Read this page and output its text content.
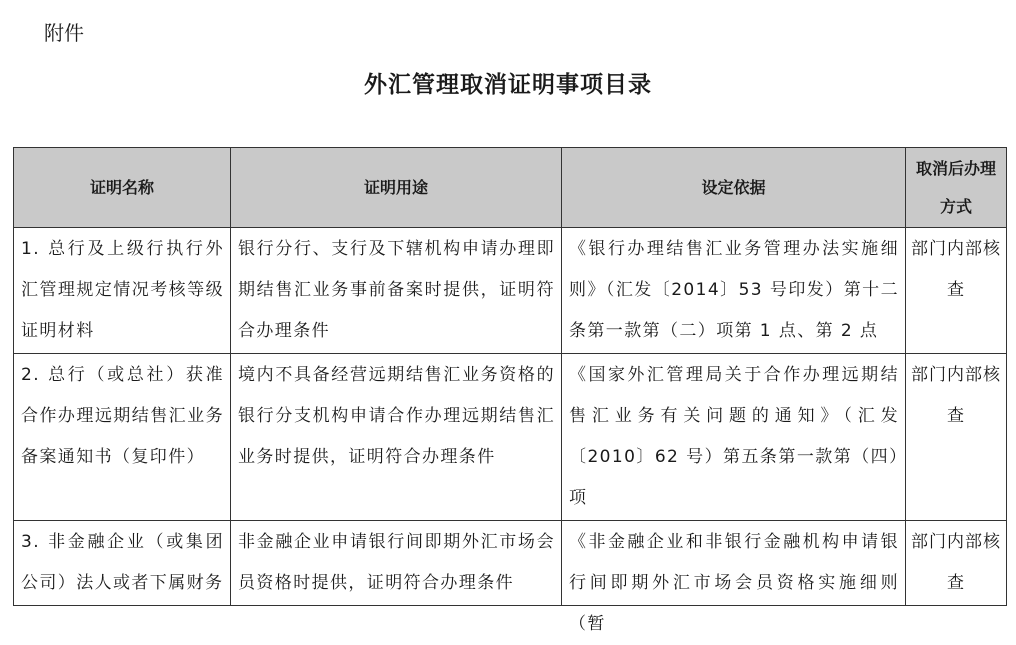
附件
外汇管理取消证明事项目录
证明名称	证明用途	设定依据	取消后办理方式
1. 总行及上级行执行外汇管理规定情况考核等级证明材料	银行分行、支行及下辖机构申请办理即期结售汇业务事前备案时提供，证明符合办理条件	《银行办理结售汇业务管理办法实施细则》（汇发〔2014〕53 号印发）第十二条第一款第（二）项第 1 点、第 2 点	部门内部核查
2. 总行（或总社）获准合作办理远期结售汇业务备案通知书（复印件）	境内不具备经营远期结售汇业务资格的银行分支机构申请合作办理远期结售汇业务时提供，证明符合办理条件	《国家外汇管理局关于合作办理远期结售汇业务有关问题的通知》（汇发〔2010〕62 号）第五条第一款第（四）项	部门内部核查

3. 非金融企业（或集团公司）法人或者下属财务	非金融企业申请银行间即期外汇市场会员资格时提供，证明符合办理条件	《非金融企业和非银行金融机构申请银行间即期外汇市场会员资格实施细则（暂	部门内部核查
